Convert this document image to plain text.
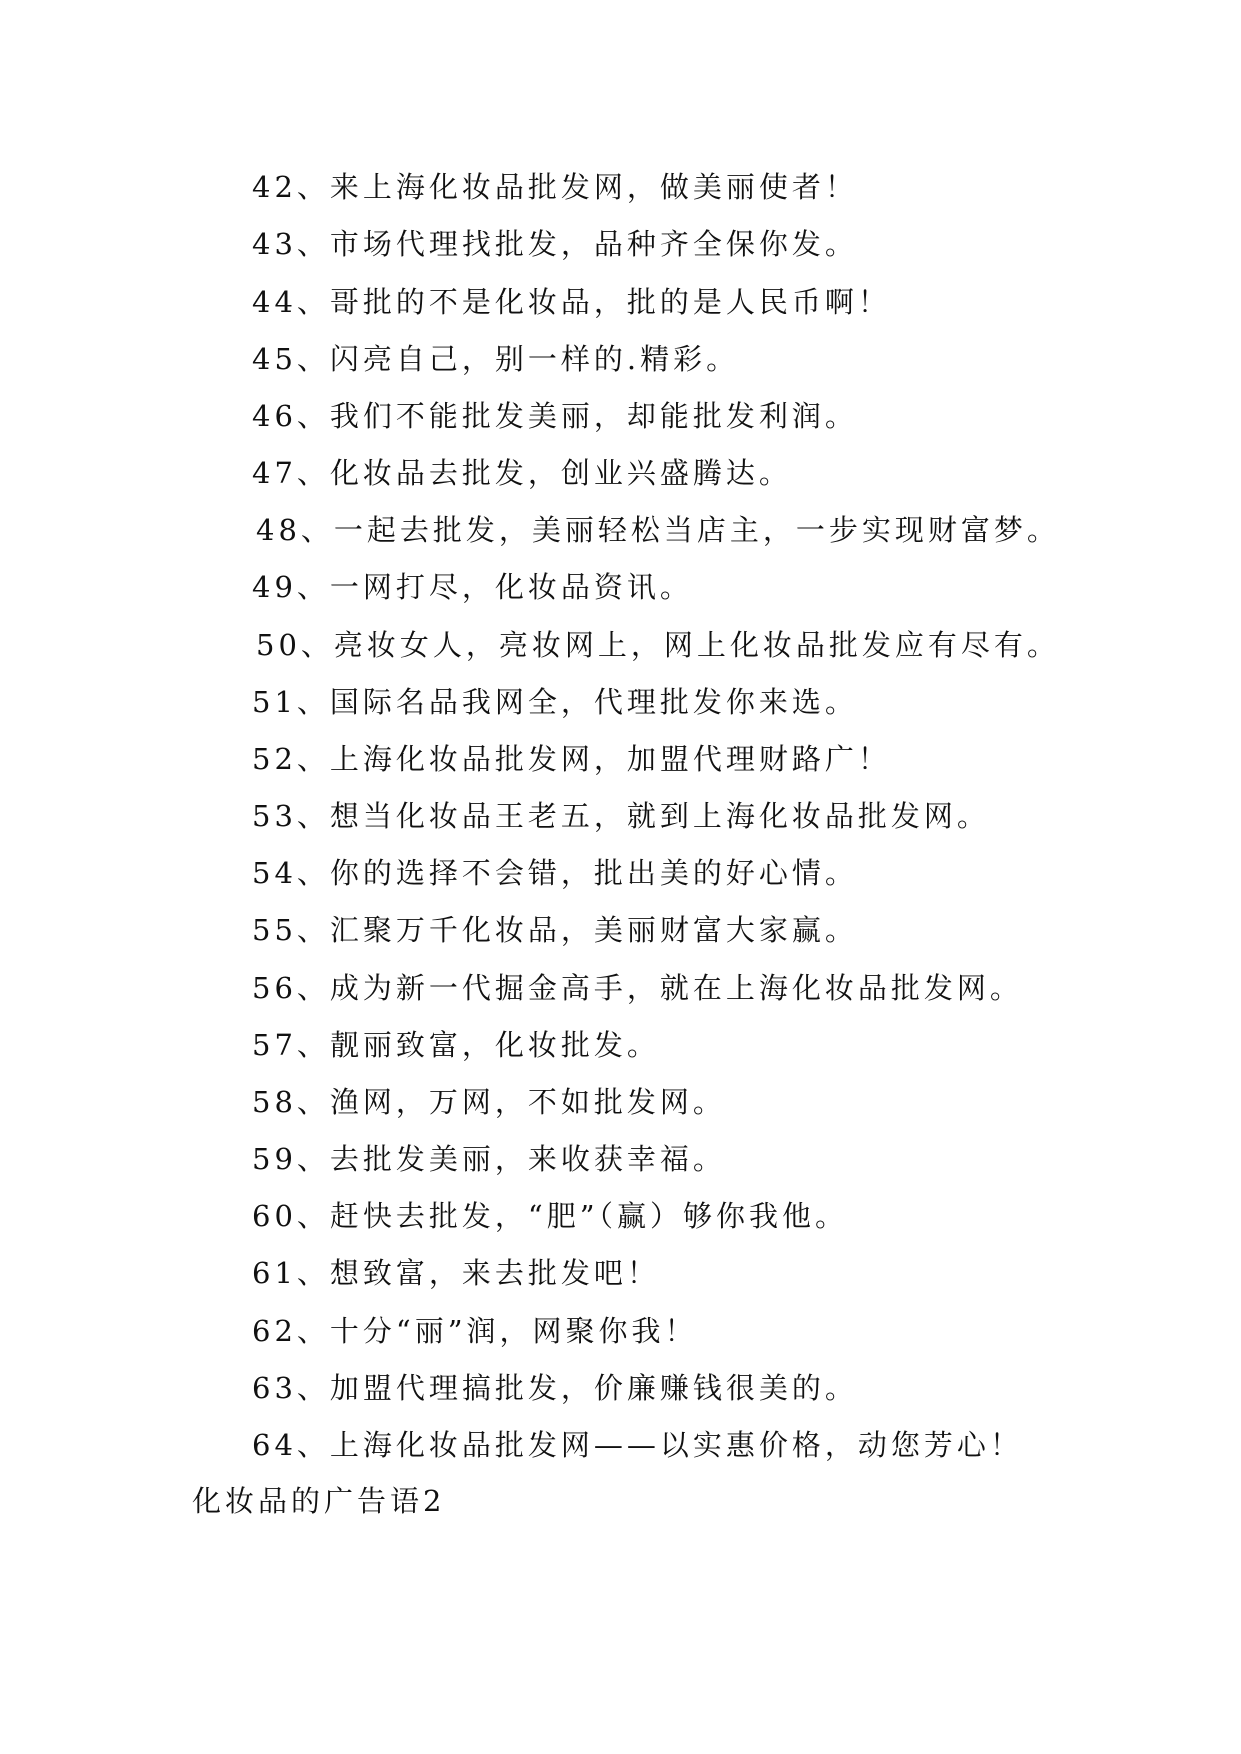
42、来上海化妆品批发网，做美丽使者！
43、市场代理找批发，品种齐全保你发。
44、哥批的不是化妆品，批的是人民币啊！
45、闪亮自己，别一样的.精彩。
46、我们不能批发美丽，却能批发利润。
47、化妆品去批发，创业兴盛腾达。
48、一起去批发，美丽轻松当店主，一步实现财富梦。
49、一网打尽，化妆品资讯。
50、亮妆女人，亮妆网上，网上化妆品批发应有尽有。
51、国际名品我网全，代理批发你来选。
52、上海化妆品批发网，加盟代理财路广！
53、想当化妆品王老五，就到上海化妆品批发网。
54、你的选择不会错，批出美的好心情。
55、汇聚万千化妆品，美丽财富大家赢。
56、成为新一代掘金高手，就在上海化妆品批发网。
57、靓丽致富，化妆批发。
58、渔网，万网，不如批发网。
59、去批发美丽，来收获幸福。
60、赶快去批发，“肥”（赢）够你我他。
61、想致富，来去批发吧！
62、十分“丽”润，网聚你我！
63、加盟代理搞批发，价廉赚钱很美的。
64、上海化妆品批发网——以实惠价格，动您芳心！
化妆品的广告语2
